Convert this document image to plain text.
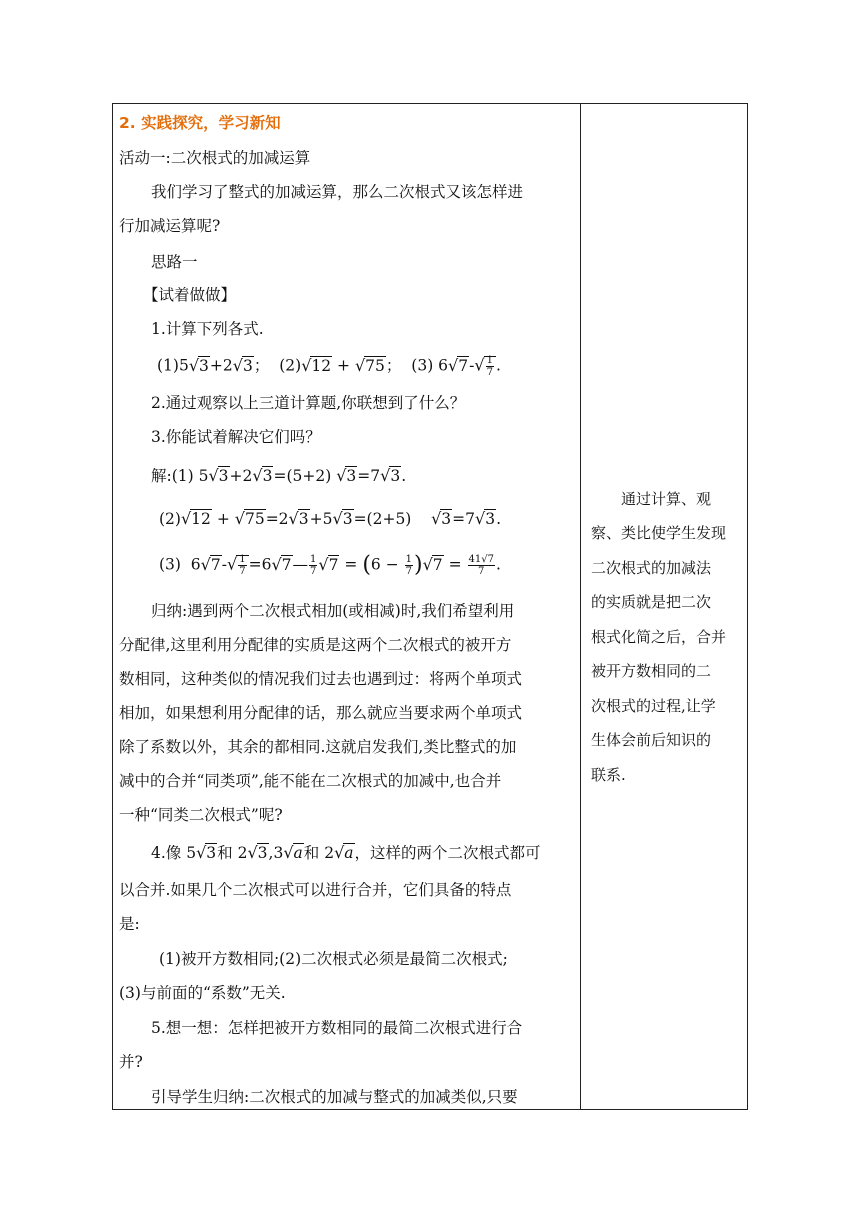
2. 实践探究，学习新知
活动一:二次根式的加减运算
我们学习了整式的加减运算，那么二次根式又该怎样进
行加减运算呢?
思路一
【试着做做】
1.计算下列各式.
(1)5√3+2√3； (2)√12 + √75； (3) $6√7-√ \frac{1}{7}$ .
2.通过观察以上三道计算题,你联想到了什么？
3.你能试着解决它们吗？
解:(1) 5√3+2√3=(5+2) √3=7√3.
(2)√12 + √75=2√3+5√3=(2+5)    √3=7√3.
(3)  $6√7-√ \frac{1}{7}$ =6√7— $\frac{1}{7} √7 = (6 - \frac{1}{7} )√7 = \frac{41√7}{7}$ .
归纳:遇到两个二次根式相加(或相减)时,我们希望利用
分配律,这里利用分配律的实质是这两个二次根式的被开方
数相同，这种类似的情况我们过去也遇到过：将两个单项式
相加，如果想利用分配律的话，那么就应当要求两个单项式
除了系数以外，其余的都相同.这就启发我们,类比整式的加
减中的合并“同类项”,能不能在二次根式的加减中,也合并
一种“同类二次根式”呢?
4.像 5√3和 2√3,3√a和 2√a，这样的两个二次根式都可
以合并.如果几个二次根式可以进行合并，它们具备的特点
是:
(1)被开方数相同;(2)二次根式必须是最简二次根式;
(3)与前面的“系数”无关.
5.想一想：怎样把被开方数相同的最简二次根式进行合
并?
引导学生归纳:二次根式的加减与整式的加减类似,只要
通过计算、观
察、类比使学生发现
二次根式的加减法
的实质就是把二次
根式化简之后，合并
被开方数相同的二
次根式的过程,让学
生体会前后知识的
联系.
